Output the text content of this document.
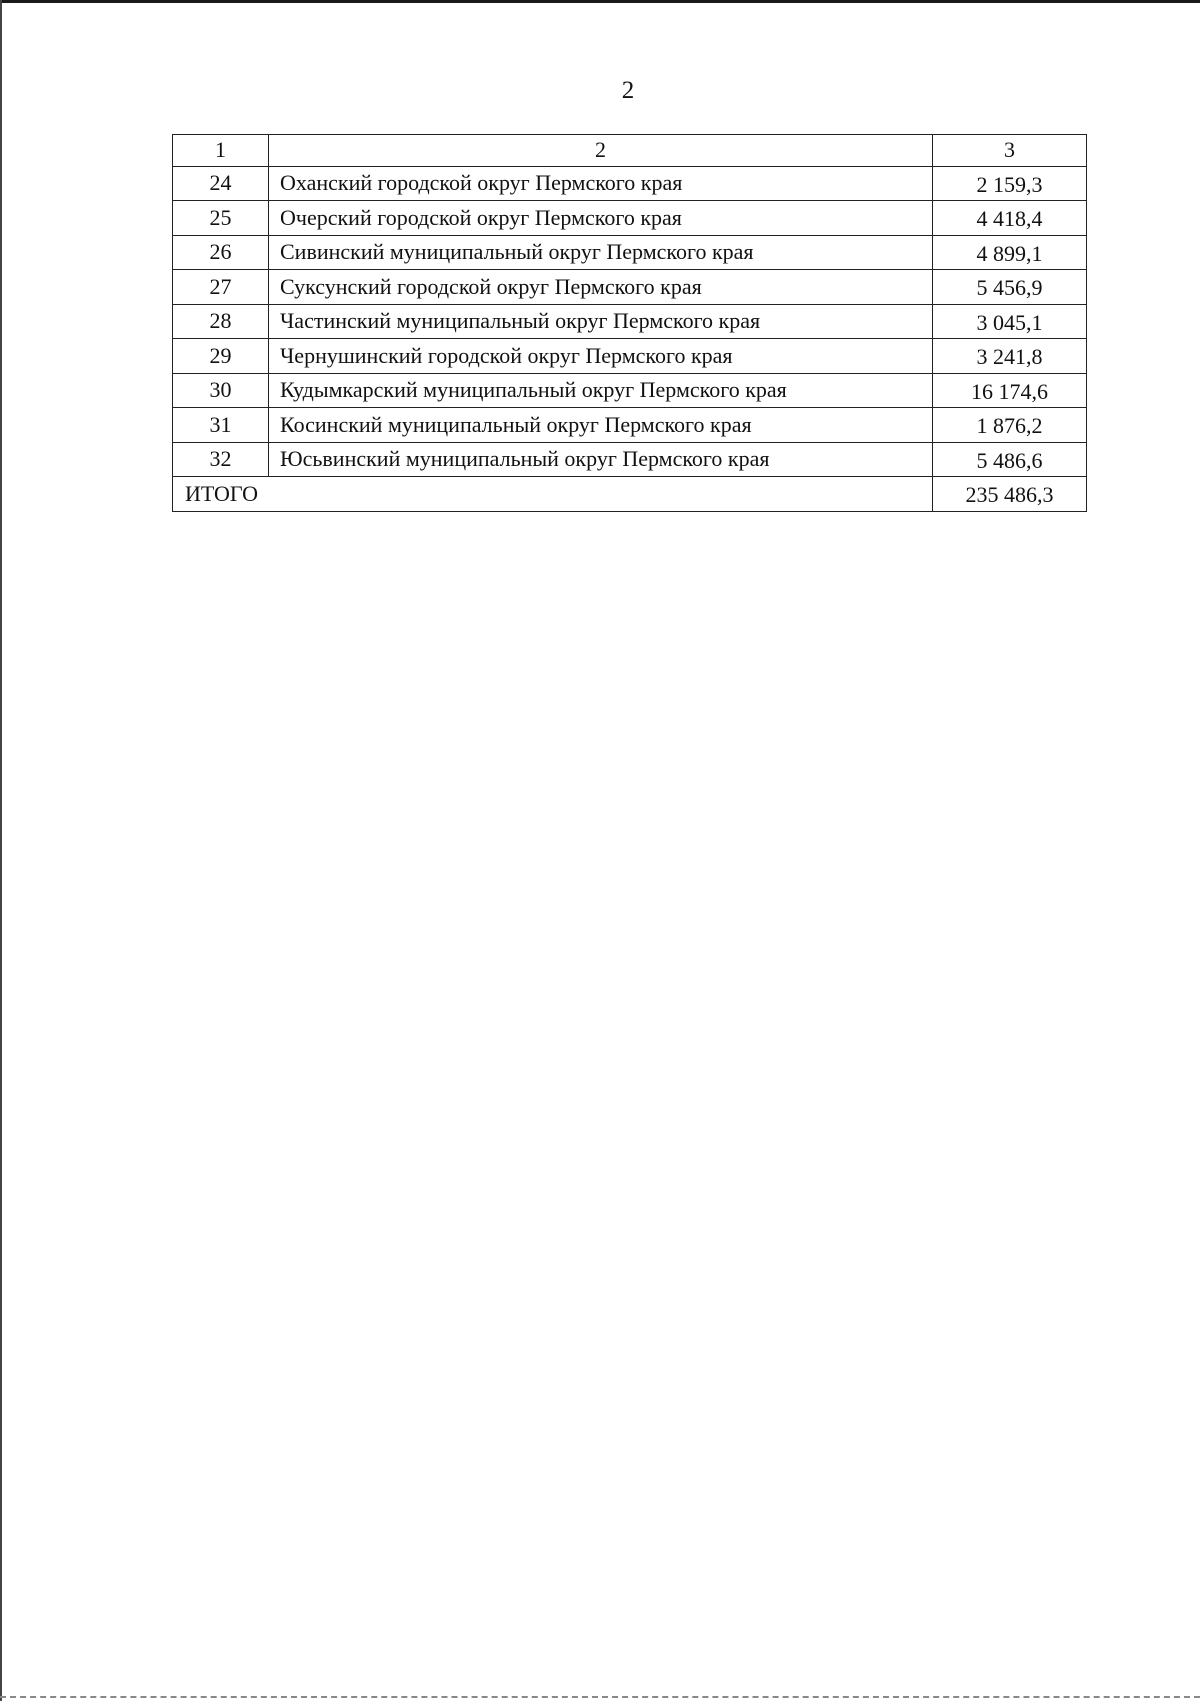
2
1	2	3
24	Оханский городской округ Пермского края	2 159,3
25	Очерский городской округ Пермского края	4 418,4
26	Сивинский муниципальный округ Пермского края	4 899,1
27	Суксунский городской округ Пермского края	5 456,9
28	Частинский муниципальный округ Пермского края	3 045,1
29	Чернушинский городской округ Пермского края	3 241,8
30	Кудымкарский муниципальный округ Пермского края	16 174,6
31	Косинский муниципальный округ Пермского края	1 876,2
32	Юсьвинский муниципальный округ Пермского края	5 486,6
ИТОГО		235 486,3
